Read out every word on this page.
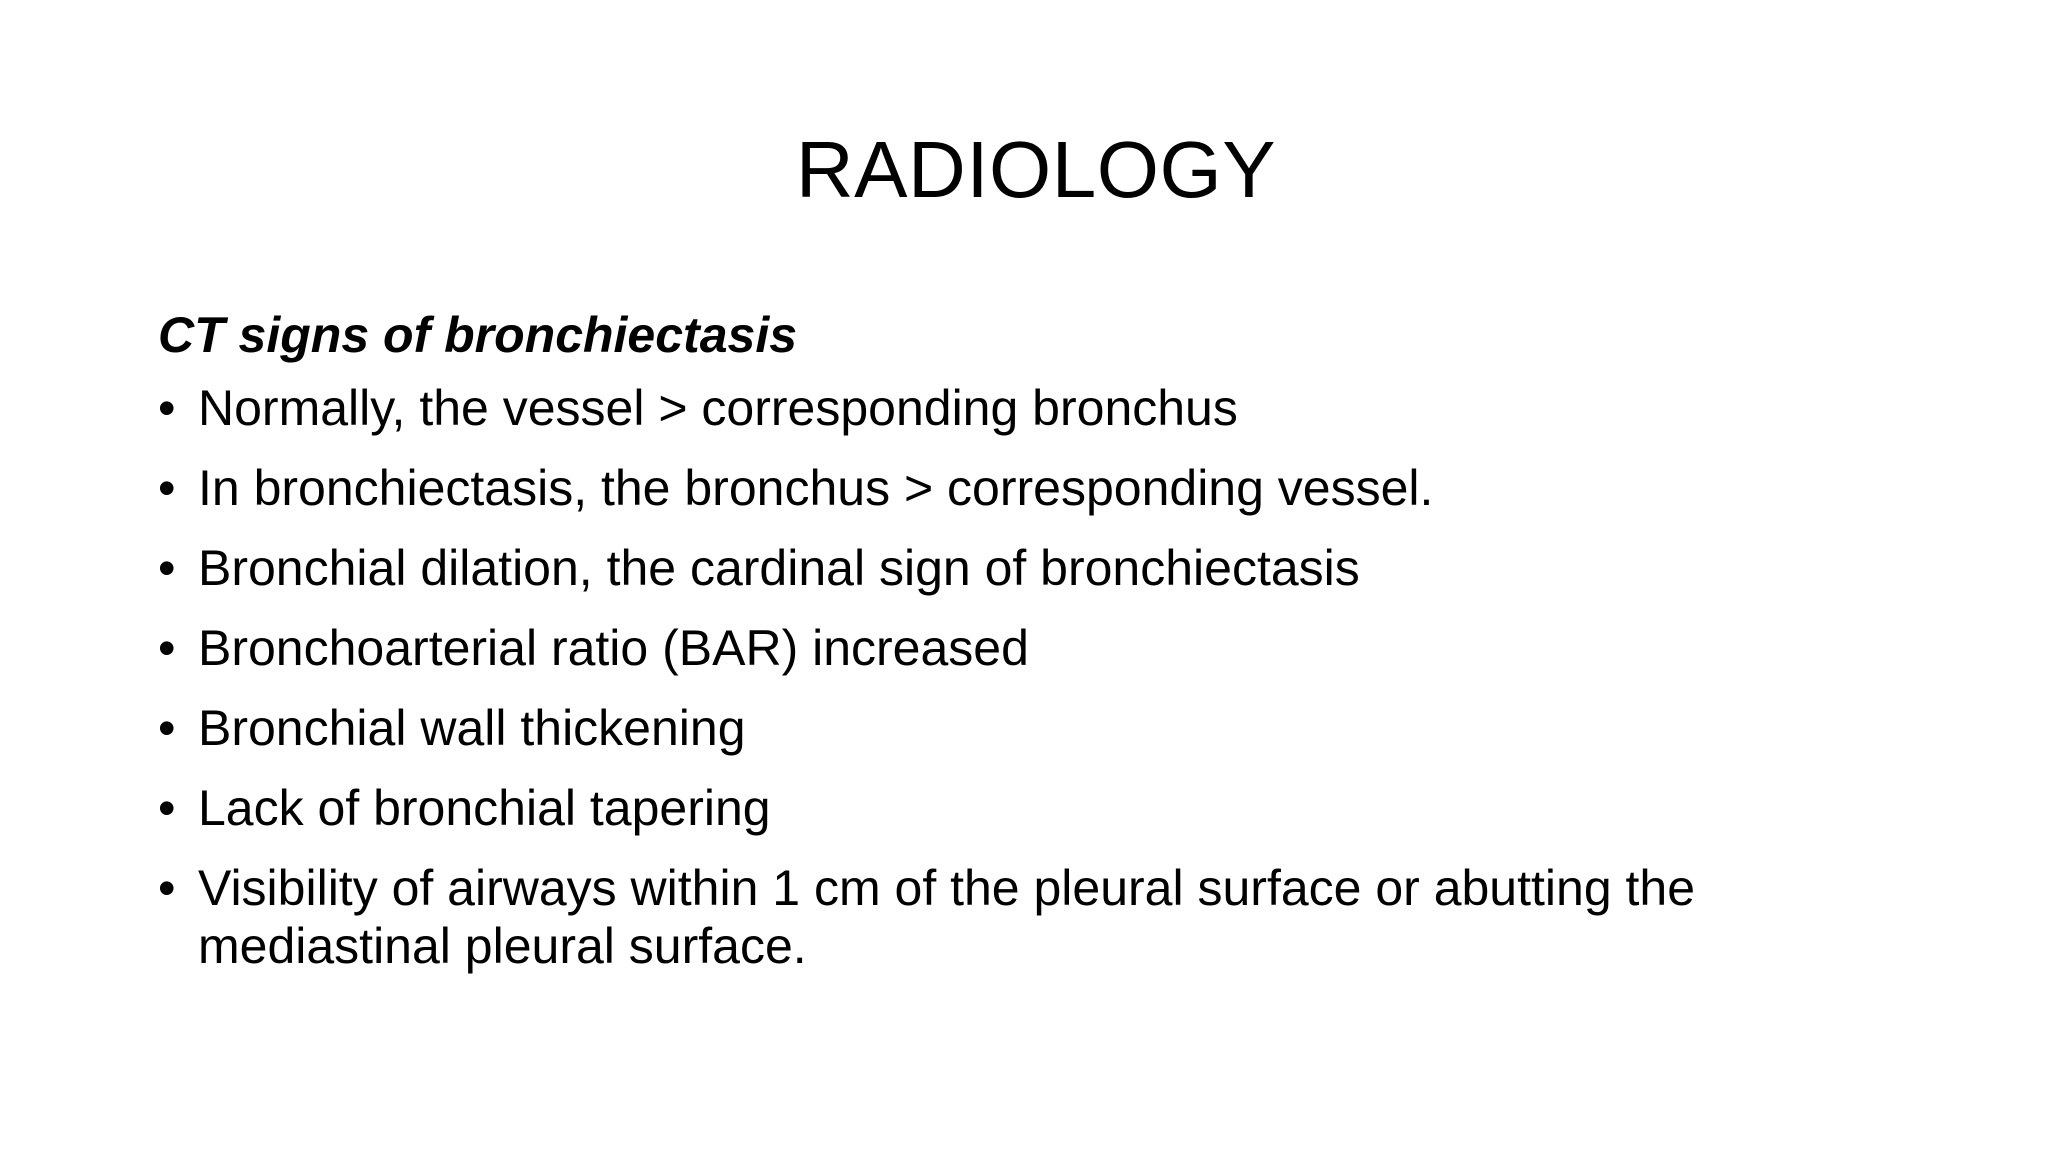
RADIOLOGY

CT signs of bronchiectasis

• Normally, the vessel > corresponding bronchus
• In bronchiectasis, the bronchus > corresponding vessel.
• Bronchial dilation, the cardinal sign of bronchiectasis
• Bronchoarterial ratio (BAR) increased
• Bronchial wall thickening
• Lack of bronchial tapering
• Visibility of airways within 1 cm of the pleural surface or abutting the mediastinal pleural surface.
